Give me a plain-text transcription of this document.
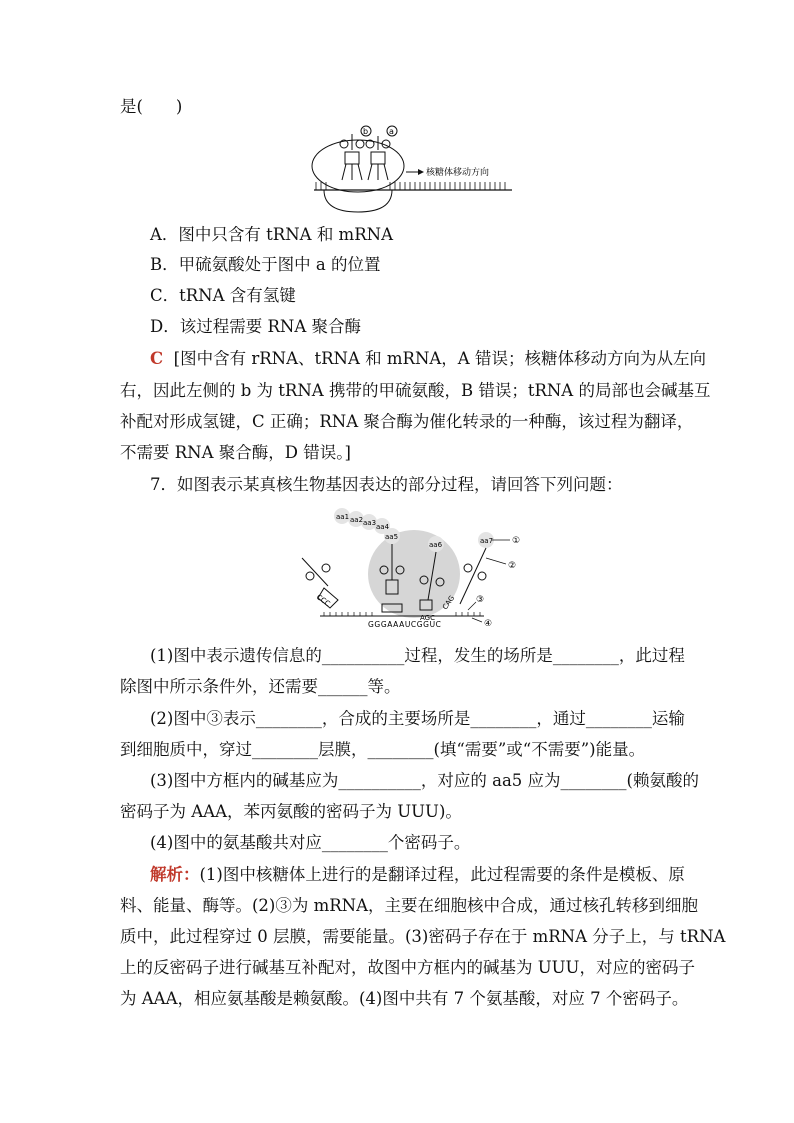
是(　　)
b	a
核糖体移动方向
A．图中只含有 tRNA 和 mRNA
B．甲硫氨酸处于图中 a 的位置
C．tRNA 含有氢键
D．该过程需要 RNA 聚合酶
C [图中含有 rRNA、tRNA 和 mRNA，A 错误；核糖体移动方向为从左向
右，因此左侧的 b 为 tRNA 携带的甲硫氨酸，B 错误；tRNA 的局部也会碱基互
补配对形成氢键，C 正确；RNA 聚合酶为催化转录的一种酶，该过程为翻译，
不需要 RNA 聚合酶，D 错误。]
7．如图表示某真核生物基因表达的部分过程，请回答下列问题：
aa1 aa2 aa3 aa4
aa5
aa6	aa7
CCC
AGC
CAG
GGGAAAUCGGUC
①
②
③
④
(1)图中表示遗传信息的__________过程，发生的场所是________，此过程
除图中所示条件外，还需要______等。
(2)图中③表示________，合成的主要场所是________，通过________运输
到细胞质中，穿过________层膜，________(填“需要”或“不需要”)能量。
(3)图中方框内的碱基应为__________，对应的 aa5 应为________(赖氨酸的
密码子为 AAA，苯丙氨酸的密码子为 UUU)。
(4)图中的氨基酸共对应________个密码子。
解析：(1)图中核糖体上进行的是翻译过程，此过程需要的条件是模板、原
料、能量、酶等。(2)③为 mRNA，主要在细胞核中合成，通过核孔转移到细胞
质中，此过程穿过 0 层膜，需要能量。(3)密码子存在于 mRNA 分子上，与 tRNA
上的反密码子进行碱基互补配对，故图中方框内的碱基为 UUU，对应的密码子
为 AAA，相应氨基酸是赖氨酸。(4)图中共有 7 个氨基酸，对应 7 个密码子。
